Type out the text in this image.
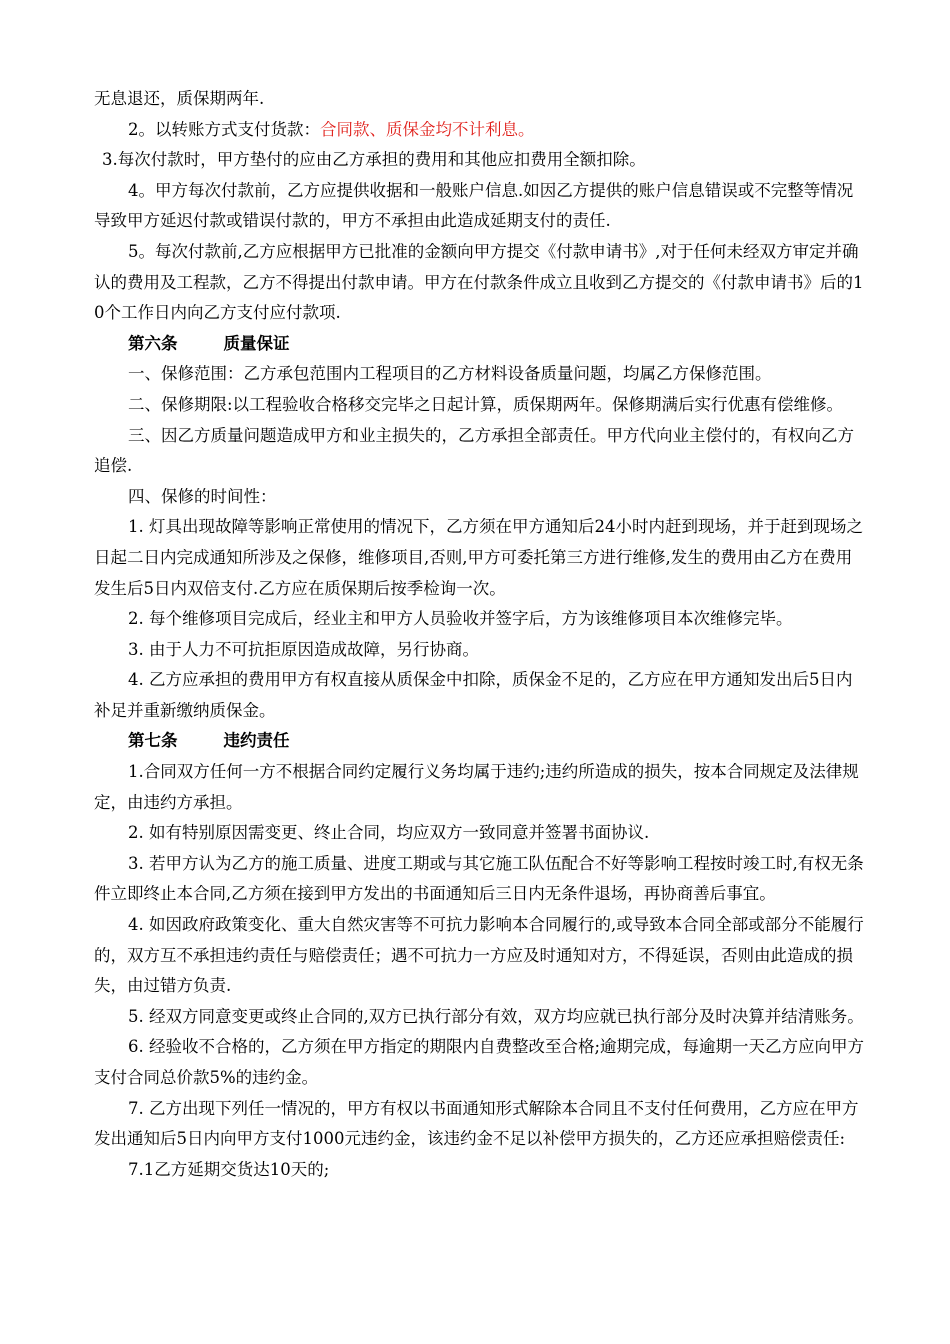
无息退还，质保期两年.

2。以转账方式支付货款：合同款、质保金均不计利息。

3.每次付款时，甲方垫付的应由乙方承担的费用和其他应扣费用全额扣除。

4。甲方每次付款前，乙方应提供收据和一般账户信息.如因乙方提供的账户信息错误或不完整等情况导致甲方延迟付款或错误付款的，甲方不承担由此造成延期支付的责任.

5。每次付款前,乙方应根据甲方已批准的金额向甲方提交《付款申请书》,对于任何未经双方审定并确认的费用及工程款，乙方不得提出付款申请。甲方在付款条件成立且收到乙方提交的《付款申请书》后的10个工作日内向乙方支付应付款项.

第六条	质量保证

一、保修范围：乙方承包范围内工程项目的乙方材料设备质量问题，均属乙方保修范围。

二、保修期限:以工程验收合格移交完毕之日起计算，质保期两年。保修期满后实行优惠有偿维修。

三、因乙方质量问题造成甲方和业主损失的，乙方承担全部责任。甲方代向业主偿付的，有权向乙方追偿.

四、保修的时间性：

1. 灯具出现故障等影响正常使用的情况下，乙方须在甲方通知后24小时内赶到现场，并于赶到现场之日起二日内完成通知所涉及之保修，维修项目,否则,甲方可委托第三方进行维修,发生的费用由乙方在费用发生后5日内双倍支付.乙方应在质保期后按季检询一次。

2. 每个维修项目完成后，经业主和甲方人员验收并签字后，方为该维修项目本次维修完毕。

3. 由于人力不可抗拒原因造成故障，另行协商。

4. 乙方应承担的费用甲方有权直接从质保金中扣除，质保金不足的，乙方应在甲方通知发出后5日内补足并重新缴纳质保金。

第七条	违约责任

1.合同双方任何一方不根据合同约定履行义务均属于违约;违约所造成的损失，按本合同规定及法律规定，由违约方承担。

2. 如有特别原因需变更、终止合同，均应双方一致同意并签署书面协议.

3. 若甲方认为乙方的施工质量、进度工期或与其它施工队伍配合不好等影响工程按时竣工时,有权无条件立即终止本合同,乙方须在接到甲方发出的书面通知后三日内无条件退场，再协商善后事宜。

4. 如因政府政策变化、重大自然灾害等不可抗力影响本合同履行的,或导致本合同全部或部分不能履行的，双方互不承担违约责任与赔偿责任；遇不可抗力一方应及时通知对方，不得延误，否则由此造成的损失，由过错方负责.

5. 经双方同意变更或终止合同的,双方已执行部分有效，双方均应就已执行部分及时决算并结清账务。

6. 经验收不合格的，乙方须在甲方指定的期限内自费整改至合格;逾期完成，每逾期一天乙方应向甲方支付合同总价款5%的违约金。

7. 乙方出现下列任一情况的，甲方有权以书面通知形式解除本合同且不支付任何费用，乙方应在甲方发出通知后5日内向甲方支付1000元违约金，该违约金不足以补偿甲方损失的，乙方还应承担赔偿责任:

7.1乙方延期交货达10天的;
